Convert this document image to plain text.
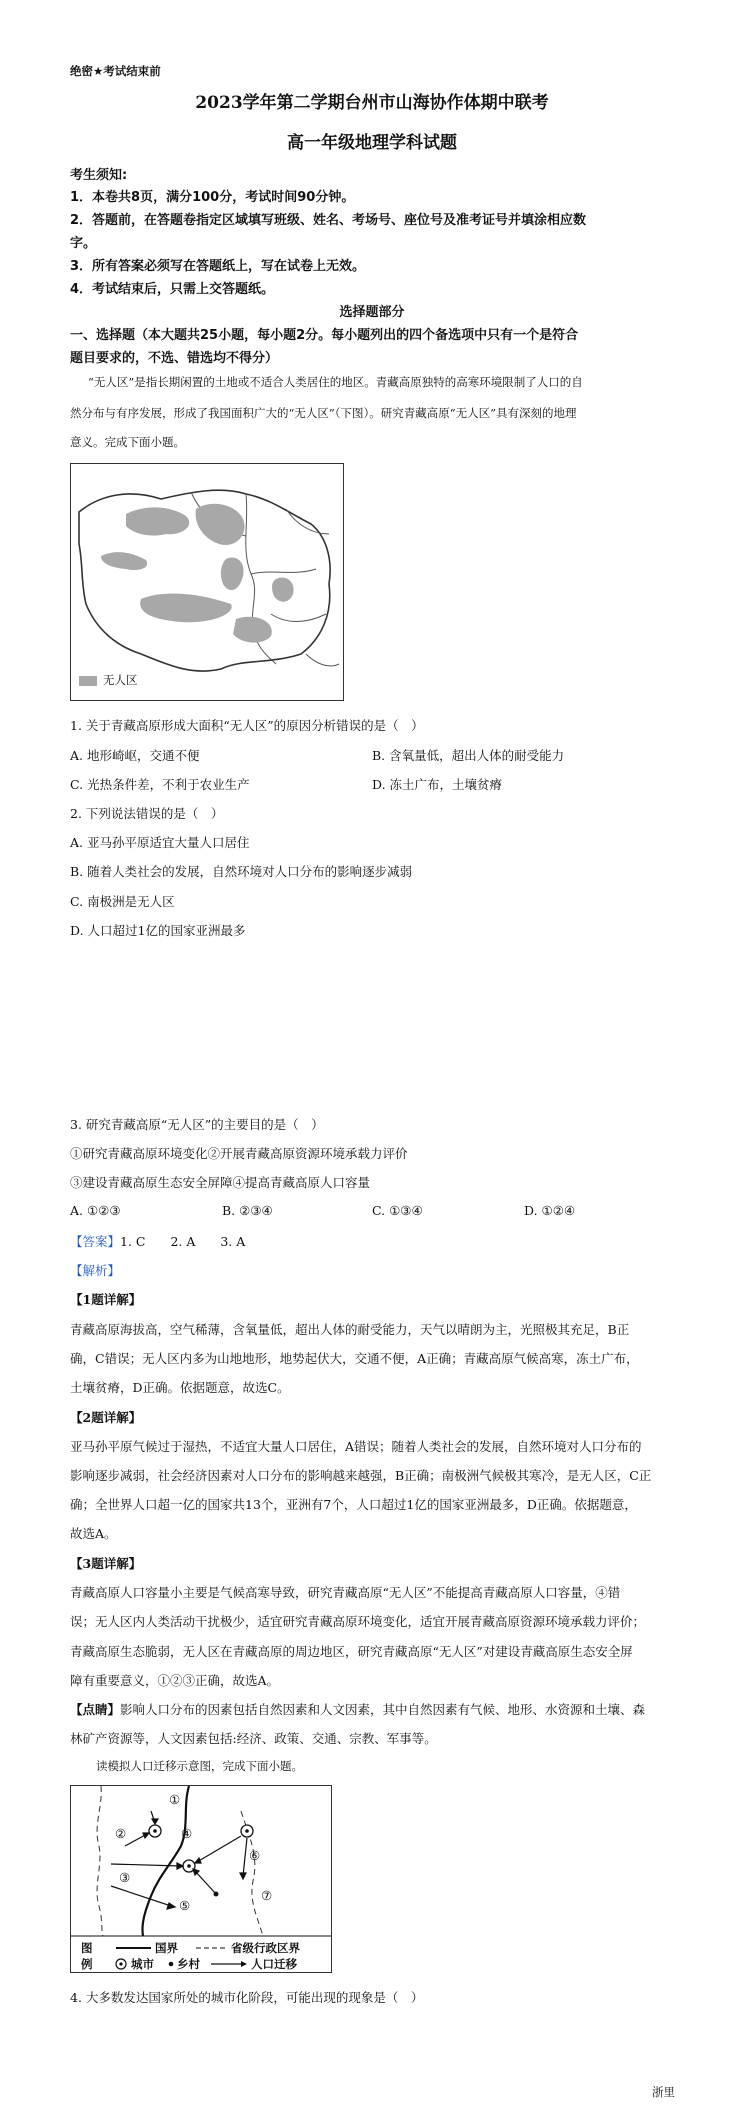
绝密★考试结束前
2023学年第二学期台州市山海协作体期中联考
高一年级地理学科试题
考生须知:
1．本卷共8页，满分100分，考试时间90分钟。
2．答题前，在答题卷指定区域填写班级、姓名、考场号、座位号及准考证号并填涂相应数
字。
3．所有答案必须写在答题纸上，写在试卷上无效。
4．考试结束后，只需上交答题纸。
选择题部分
一、选择题（本大题共25小题，每小题2分。每小题列出的四个备选项中只有一个是符合
题目要求的，不选、错选均不得分）
“无人区”是指长期闲置的土地或不适合人类居住的地区。青藏高原独特的高寒环境限制了人口的自
然分布与有序发展，形成了我国面积广大的“无人区”（下图）。研究青藏高原“无人区”具有深刻的地理
意义。完成下面小题。
无人区
1. 关于青藏高原形成大面积“无人区”的原因分析错误的是（　）
A. 地形崎岖，交通不便	B. 含氧量低，超出人体的耐受能力
C. 光热条件差，不利于农业生产	D. 冻土广布，土壤贫瘠
2. 下列说法错误的是（　）
A. 亚马孙平原适宜大量人口居住
B. 随着人类社会的发展，自然环境对人口分布的影响逐步减弱
C. 南极洲是无人区
D. 人口超过1亿的国家亚洲最多
3. 研究青藏高原“无人区”的主要目的是（　）
①研究青藏高原环境变化②开展青藏高原资源环境承载力评价
③建设青藏高原生态安全屏障④提高青藏高原人口容量
A. ①②③	B. ②③④	C. ①③④	D. ①②④
【答案】1. C　　2. A　　3. A
【解析】
【1题详解】
青藏高原海拔高，空气稀薄，含氧量低，超出人体的耐受能力，天气以晴朗为主，光照极其充足，B正
确，C错误；无人区内多为山地地形，地势起伏大，交通不便，A正确；青藏高原气候高寒，冻土广布，
土壤贫瘠，D正确。依据题意，故选C。
【2题详解】
亚马孙平原气候过于湿热，不适宜大量人口居住，A错误；随着人类社会的发展，自然环境对人口分布的
影响逐步减弱，社会经济因素对人口分布的影响越来越强，B正确；南极洲气候极其寒冷，是无人区，C正
确；全世界人口超一亿的国家共13个，亚洲有7个，人口超过1亿的国家亚洲最多，D正确。依据题意，
故选A。
【3题详解】
青藏高原人口容量小主要是气候高寒导致，研究青藏高原“无人区”不能提高青藏高原人口容量，④错
误；无人区内人类活动干扰极少，适宜研究青藏高原环境变化，适宜开展青藏高原资源环境承载力评价；
青藏高原生态脆弱，无人区在青藏高原的周边地区，研究青藏高原“无人区”对建设青藏高原生态安全屏
障有重要意义，①②③正确，故选A。
【点睛】影响人口分布的因素包括自然因素和人文因素，其中自然因素有气候、地形、水资源和土壤、森
林矿产资源等，人文因素包括:经济、政策、交通、宗教、军事等。
读模拟人口迁移示意图，完成下面小题。
①
②
③
④
⑤
⑥
⑦
图
例
国界	省级行政区界
城市 乡村	人口迁移
4. 大多数发达国家所处的城市化阶段，可能出现的现象是（　）
浙里
